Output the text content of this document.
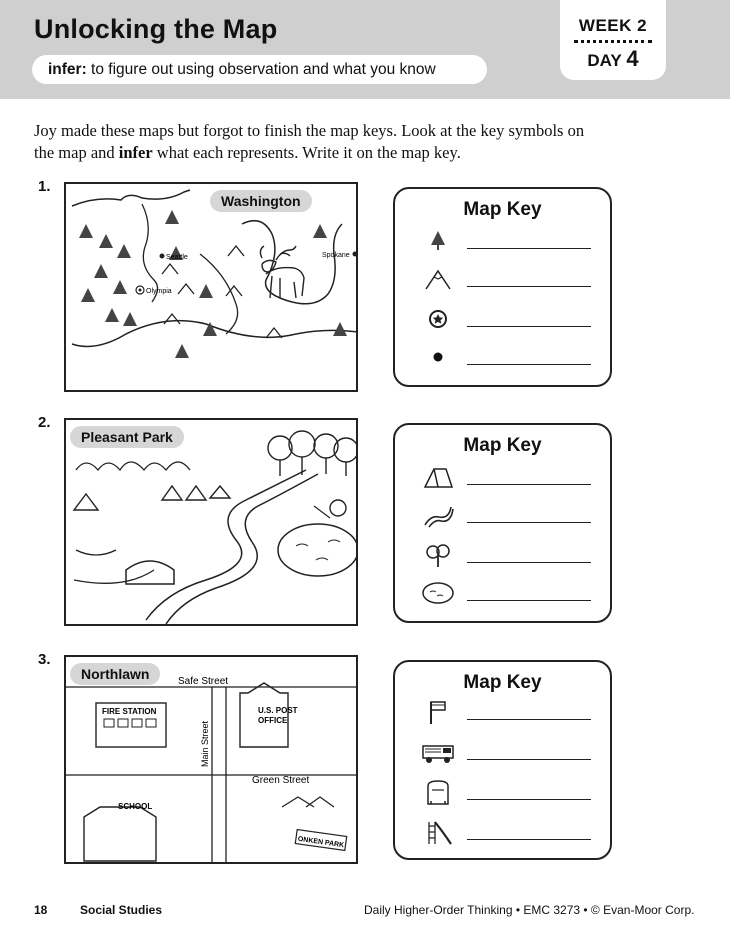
Unlocking the Map
infer: to figure out using observation and what you know
WEEK 2
DAY 4

Joy made these maps but forgot to finish the map keys. Look at the key symbols on the map and infer what each represents. Write it on the map key.

1.
Seattle
Olympia
Spokane
Washington	Map Key
2.
Pleasant Park	Map Key
3.
Safe Street
Main Street
Green Street
FIRE STATION	U.S. POST
OFFICE
SCHOOL
ONKEN PARK
Northlawn	Map Key
18	Social Studies	Daily Higher-Order Thinking • EMC 3273 • © Evan-Moor Corp.
